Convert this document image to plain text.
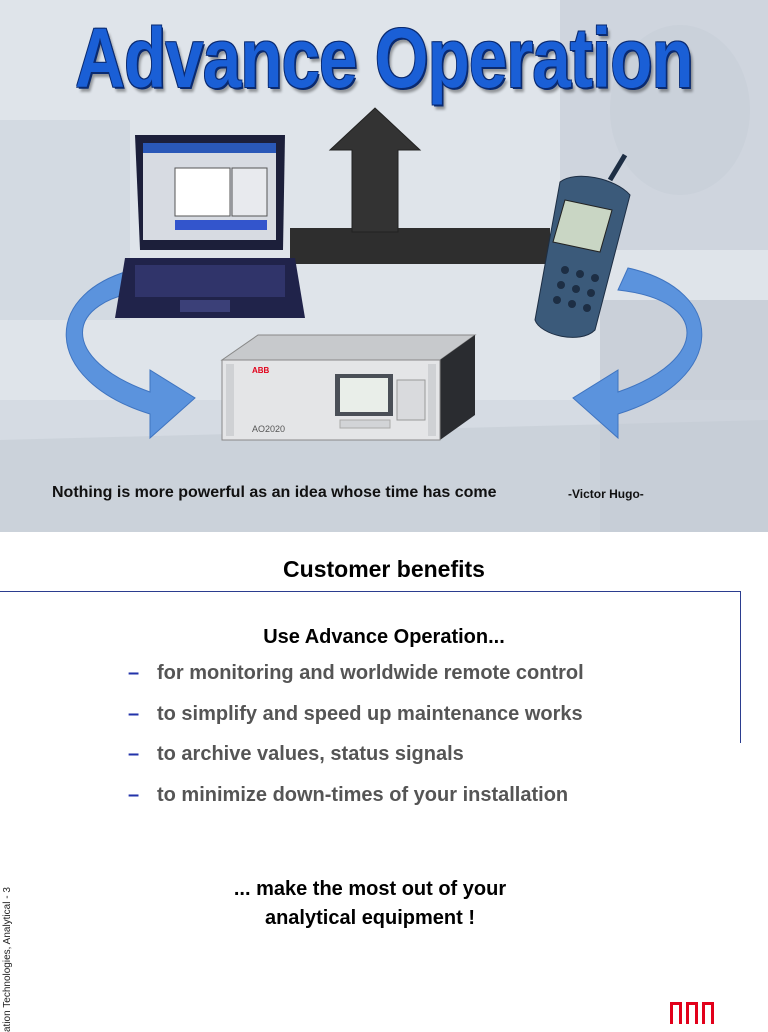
Advance Operation
ABB
AO2020
Nothing is more powerful as an idea whose time has come	-Victor Hugo-
Customer benefits
Use Advance Operation...
– for monitoring and worldwide remote control
– to simplify and speed up maintenance works
– to archive values, status signals
– to minimize down-times of your installation
... make the most out of your
analytical equipment !
ation Technologies, Analytical - 3
